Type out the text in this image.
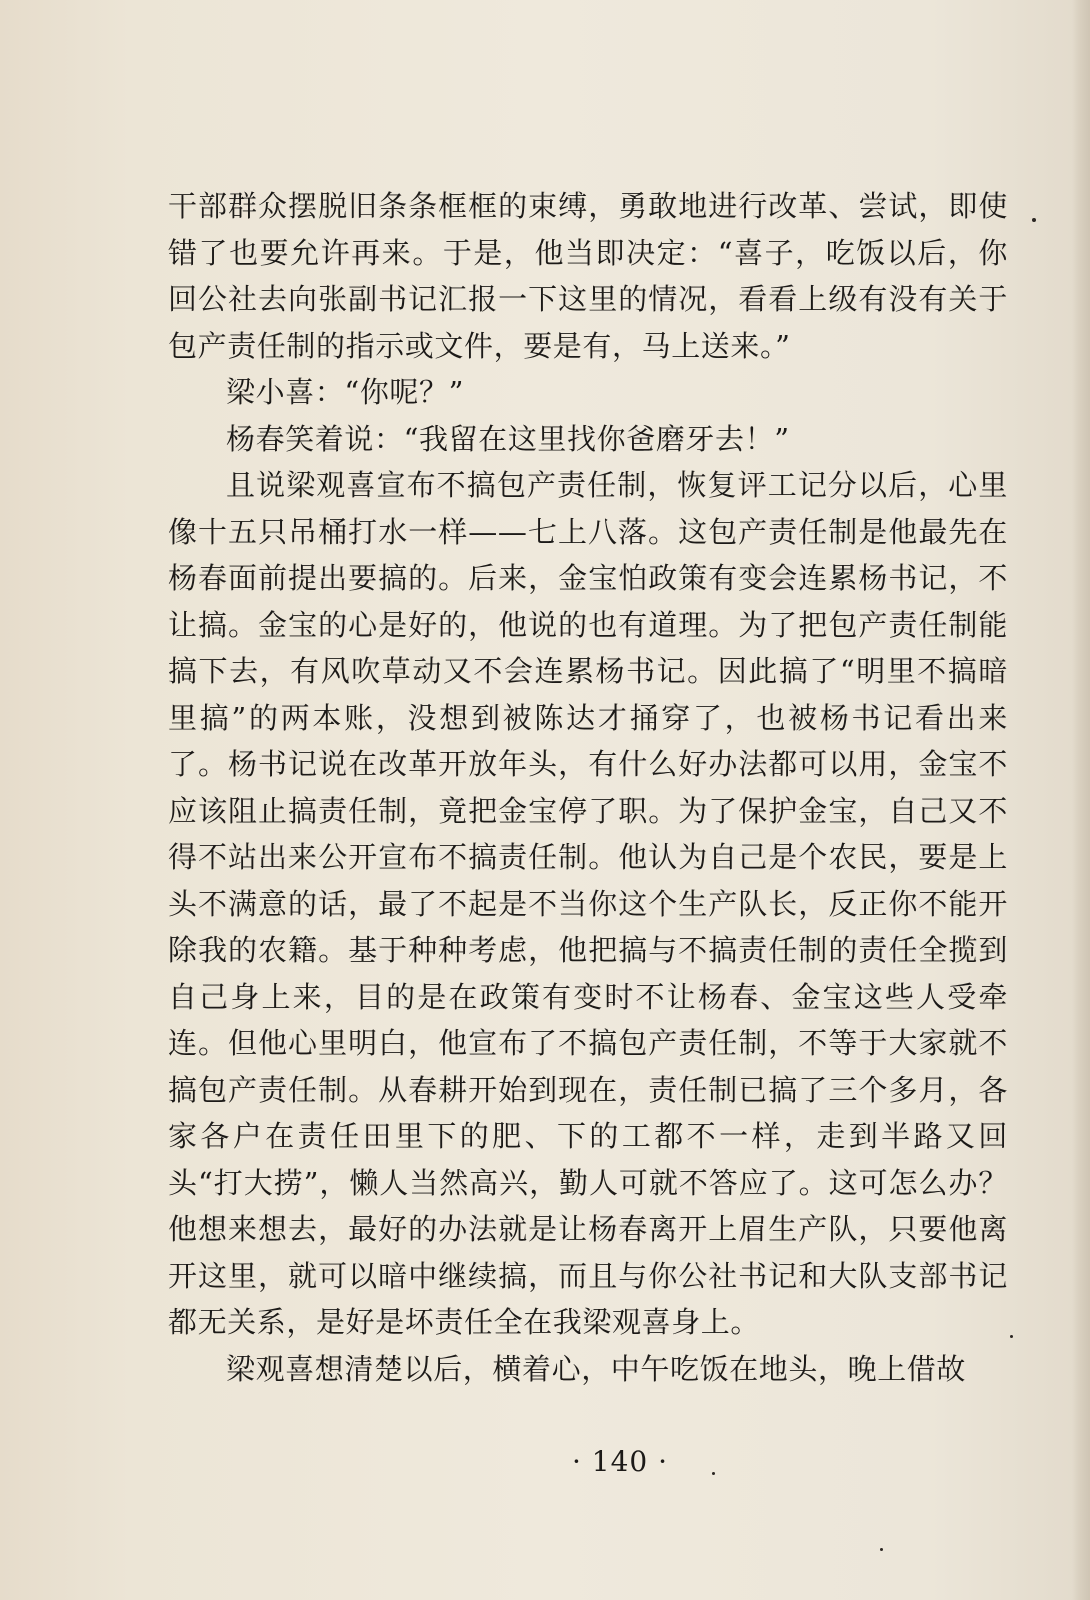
干部群众摆脱旧条条框框的束缚，勇敢地进行改革、尝试，即使错了也要允许再来。于是，他当即决定：“喜子，吃饭以后，你回公社去向张副书记汇报一下这里的情况，看看上级有没有关于包产责任制的指示或文件，要是有，马上送来。”

梁小喜：“你呢？”

杨春笑着说：“我留在这里找你爸磨牙去！”

且说梁观喜宣布不搞包产责任制，恢复评工记分以后，心里像十五只吊桶打水一样——七上八落。这包产责任制是他最先在杨春面前提出要搞的。后来，金宝怕政策有变会连累杨书记，不让搞。金宝的心是好的，他说的也有道理。为了把包产责任制能搞下去，有风吹草动又不会连累杨书记。因此搞了“明里不搞暗里搞”的两本账，没想到被陈达才捅穿了，也被杨书记看出来了。杨书记说在改革开放年头，有什么好办法都可以用，金宝不应该阻止搞责任制，竟把金宝停了职。为了保护金宝，自己又不得不站出来公开宣布不搞责任制。他认为自己是个农民，要是上头不满意的话，最了不起是不当你这个生产队长，反正你不能开除我的农籍。基于种种考虑，他把搞与不搞责任制的责任全揽到自己身上来，目的是在政策有变时不让杨春、金宝这些人受牵连。但他心里明白，他宣布了不搞包产责任制，不等于大家就不搞包产责任制。从春耕开始到现在，责任制已搞了三个多月，各家各户在责任田里下的肥、下的工都不一样，走到半路又回头“打大捞”，懒人当然高兴，勤人可就不答应了。这可怎么办？他想来想去，最好的办法就是让杨春离开上眉生产队，只要他离开这里，就可以暗中继续搞，而且与你公社书记和大队支部书记都无关系，是好是坏责任全在我梁观喜身上。

梁观喜想清楚以后，横着心，中午吃饭在地头，晚上借故

· 140 ·
